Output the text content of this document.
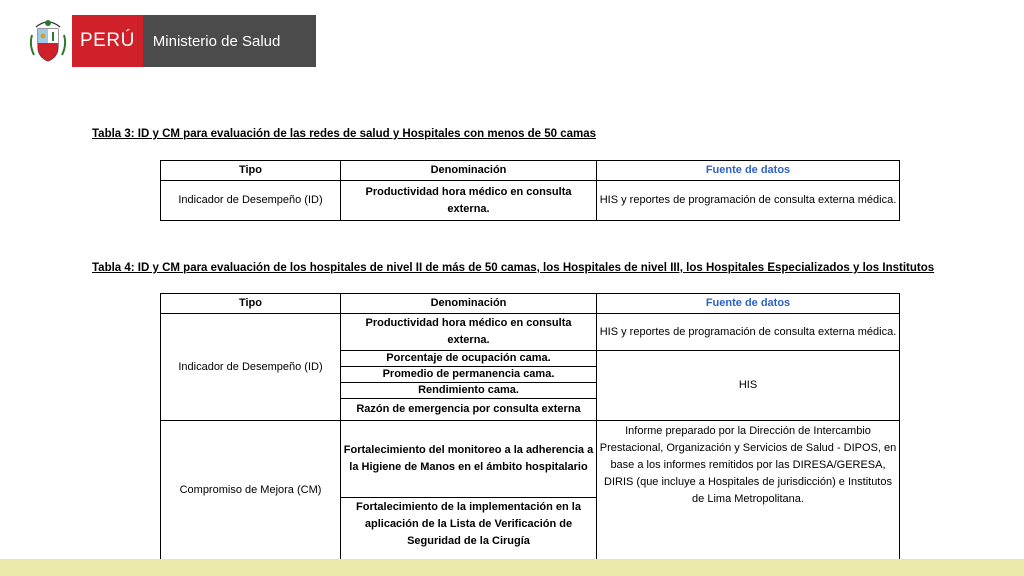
PERÚ	Ministerio de Salud
Tabla 3: ID y CM para evaluación de las redes de salud y Hospitales con menos de 50 camas
Tipo	Denominación	Fuente de datos
Indicador de Desempeño (ID)	Productividad hora médico en consulta externa.	HIS y reportes de programación de consulta externa médica.
Tabla 4: ID y CM para evaluación de los hospitales de nivel II de más de 50 camas, los Hospitales de nivel III, los Hospitales Especializados y los Institutos
Tipo	Denominación	Fuente de datos
Indicador de Desempeño (ID)	Productividad hora médico en consulta externa.	HIS y reportes de programación de consulta externa médica.
	Porcentaje de ocupación cama.	HIS
	Promedio de permanencia cama.	
	Rendimiento cama.	
	Razón de emergencia por consulta externa	
Compromiso de Mejora (CM)	Fortalecimiento del monitoreo a la adherencia a la Higiene de Manos en el ámbito hospitalario	Informe preparado por la Dirección de Intercambio Prestacional, Organización y Servicios de Salud - DIPOS, en base a los informes remitidos por las DIRESA/GERESA, DIRIS (que incluye a Hospitales de jurisdicción) e Institutos de Lima Metropolitana.
	Fortalecimiento de la implementación en la aplicación de la Lista de Verificación de Seguridad de la Cirugía	
